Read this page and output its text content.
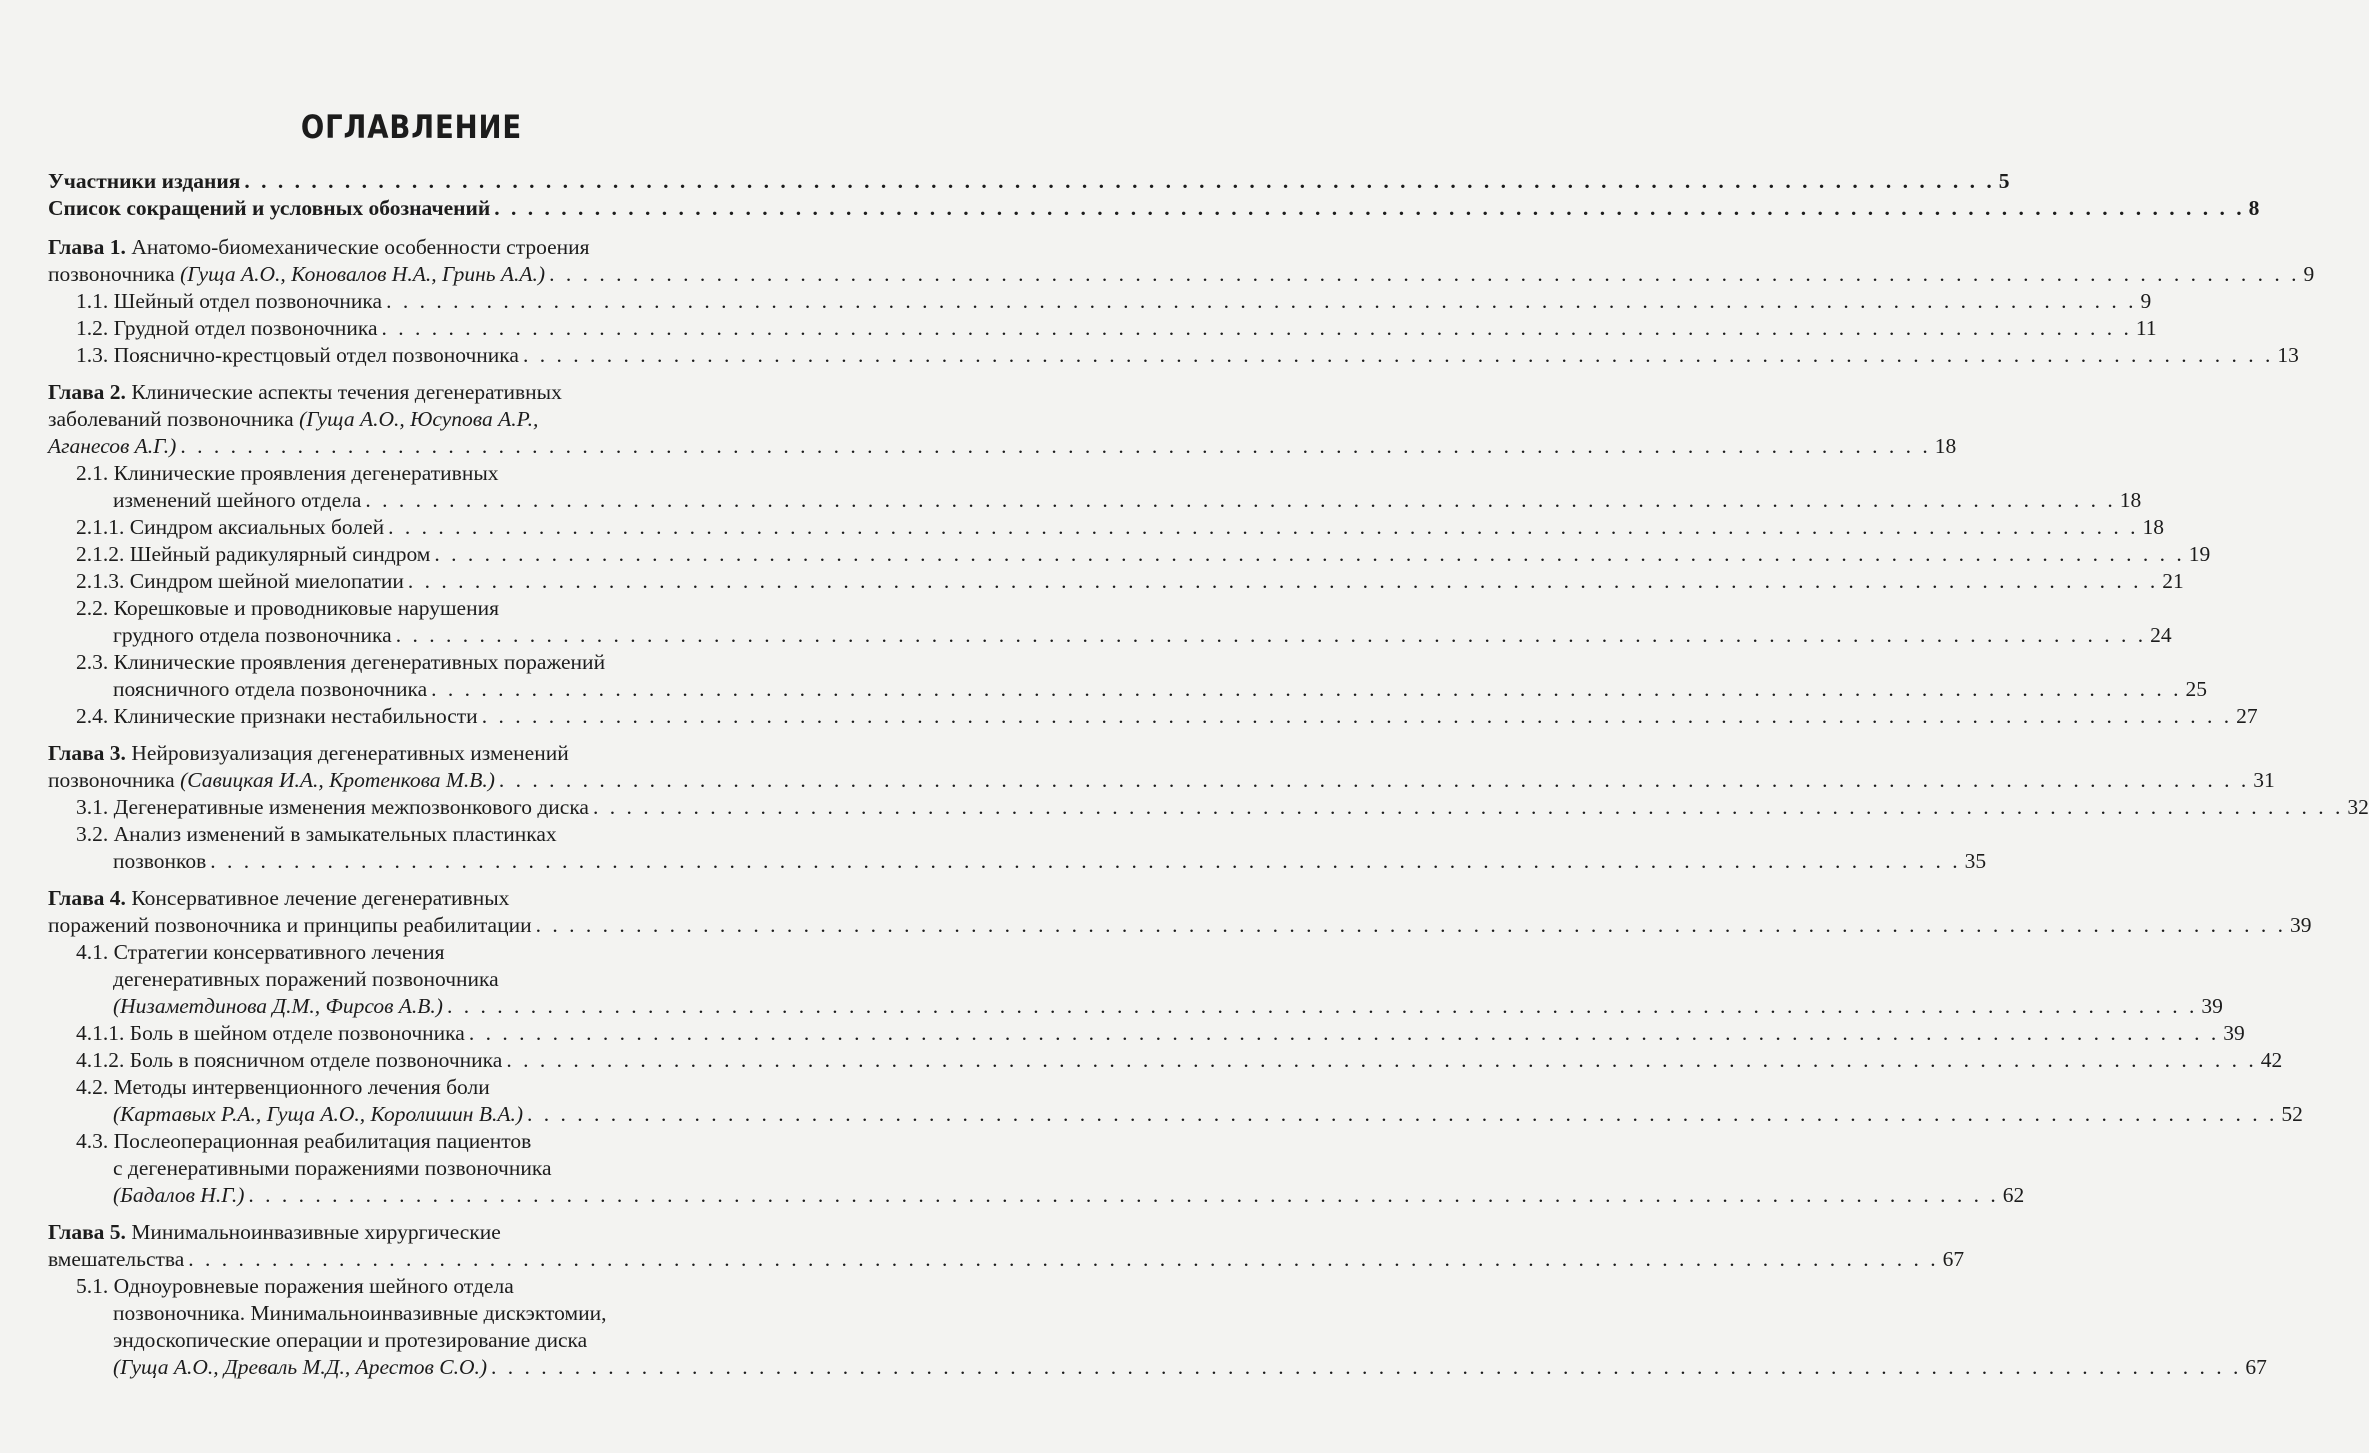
ОГЛАВЛЕНИЕ
Участники издания . . .	5
Список сокращений и условных обозначений . . .	8
Глава 1. Анатомо-биомеханические особенности строения
позвоночника (Гуща А.О., Коновалов Н.А., Гринь А.А.) . . .	9
1.1. Шейный отдел позвоночника . . .	9
1.2. Грудной отдел позвоночника . . .	11
1.3. Пояснично-крестцовый отдел позвоночника . . .	13
Глава 2. Клинические аспекты течения дегенеративных
заболеваний позвоночника (Гуща А.О., Юсупова А.Р.,
Аганесов А.Г.) . . .	18
2.1. Клинические проявления дегенеративных
изменений шейного отдела . . .	18
2.1.1. Синдром аксиальных болей . . .	18
2.1.2. Шейный радикулярный синдром . . .	19
2.1.3. Синдром шейной миелопатии . . .	21
2.2. Корешковые и проводниковые нарушения
грудного отдела позвоночника . . .	24
2.3. Клинические проявления дегенеративных поражений
поясничного отдела позвоночника . . .	25
2.4. Клинические признаки нестабильности . . .	27
Глава 3. Нейровизуализация дегенеративных изменений
позвоночника (Савицкая И.А., Кротенкова М.В.) . . .	31
3.1. Дегенеративные изменения межпозвонкового диска . . .	32
3.2. Анализ изменений в замыкательных пластинках
позвонков . . .	35
Глава 4. Консервативное лечение дегенеративных
поражений позвоночника и принципы реабилитации . . .	39
4.1. Стратегии консервативного лечения
дегенеративных поражений позвоночника
(Низаметдинова Д.М., Фирсов А.В.) . . .	39
4.1.1. Боль в шейном отделе позвоночника . . .	39
4.1.2. Боль в поясничном отделе позвоночника . . .	42
4.2. Методы интервенционного лечения боли
(Картавых Р.А., Гуща А.О., Королишин В.А.) . . .	52
4.3. Послеоперационная реабилитация пациентов
с дегенеративными поражениями позвоночника
(Бадалов Н.Г.) . . .	62
Глава 5. Минимальноинвазивные хирургические
вмешательства . . .	67
5.1. Одноуровневые поражения шейного отдела
позвоночника. Минимальноинвазивные дискэктомии,
эндоскопические операции и протезирование диска
(Гуща А.О., Древаль М.Д., Арестов С.О.) . . .	67
